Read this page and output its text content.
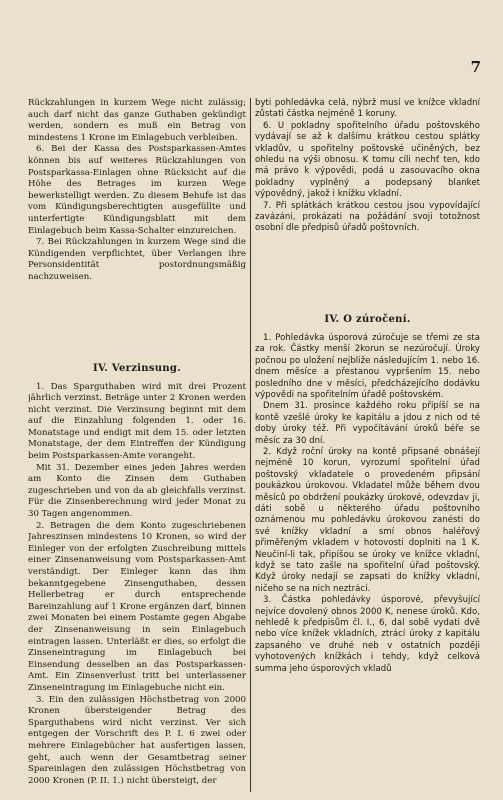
7

Rückzahlungen in kurzem Wege nicht zulässig; auch darf nicht das ganze Guthaben gekündigt werden, sondern es muß ein Betrag von mindestens 1 Krone im Einlagebuch verbleiben.

6. Bei der Kassa des Postsparkassen-Amtes können bis auf weiteres Rückzahlungen von Postsparkassa-Einlagen ohne Rücksicht auf die Höhe des Betrages im kurzen Wege bewerkstelligt werden. Zu diesem Behufe ist das vom Kündigungsberechtigten ausgefüllte und unterfertigte Kündigungsblatt mit dem Einlagebuch beim Kassa-Schalter einzureichen.

7. Bei Rückzahlungen in kurzem Wege sind die Kündigenden verpflichtet, über Verlangen ihre Personsidentität postordnungsmäßig nachzuweisen.

IV. Verzinsung.

1. Das Sparguthaben wird mit drei Prozent jährlich verzinst. Beträge unter 2 Kronen werden nicht verzinst. Die Verzinsung beginnt mit dem auf die Einzahlung folgenden 1. oder 16. Monatstage und endigt mit dem 15. oder letzten Monatstage, der dem Eintreffen der Kündigung beim Postsparkassen-Amte vorangeht.

Mit 31. Dezember eines jeden Jahres werden am Konto die Zinsen dem Guthaben zugeschrieben und von da ab gleichfalls verzinst. Für die Zinsenberechnung wird jeder Monat zu 30 Tagen angenommen.

2. Betragen die dem Konto zugeschriebenen Jahreszinsen mindestens 10 Kronen, so wird der Einleger von der erfolgten Zuschreibung mittels einer Zinsenanweisung vom Postsparkassen-Amt verständigt. Der Einleger kann das ihm bekanntgegebene Zinsenguthaben, dessen Hellerbetrag er durch entsprechende Bareinzahlung auf 1 Krone ergänzen darf, binnen zwei Monaten bei einem Postamte gegen Abgabe der Zinsenanweisung in sein Einlagebuch eintragen lassen. Unterläßt er dies, so erfolgt die Zinseneintragung im Einlagebuch bei Einsendung desselben an das Postsparkassen-Amt. Ein Zinsenverlust tritt bei unterlassener Zinseneintragung im Einlagebuche nicht ein.

3. Ein den zulässigen Höchstbetrag von 2000 Kronen übersteigender Betrag des Sparguthabens wird nicht verzinst. Ver sich entgegen der Vorschrift des P. I. 6 zwei oder mehrere Einlagebücher hat ausfertigen lassen, geht, auch wenn der Gesamtbetrag seiner Spareinlagen den zulässigen Höchstbetrag von 2000 Kronen (P. II. 1.) nicht übersteigt, der

byti pohledávka celá, nýbrž musí ve knížce vkladní zůstati částka nejméně 1 koruny.

6. U pokladny spořitelního úřadu poštovského vydávají se až k dalšímu krátkou cestou splátky vkladův, u spořitelny poštovské učiněných, bez ohledu na výši obnosu. K tomu cíli nechť ten, kdo má právo k výpovědi, podá u zasouvacího okna pokladny vyplněný a podepsaný blanket výpovědný, jakož i knížku vkladní.

7. Při splátkách krátkou cestou jsou vypovídající zavázáni, prokázati na požádání svoji totožnost osobní dle předpisů úřadů poštovních.

IV. O zúročení.

1. Pohledávka úsporová zúročuje se třemi ze sta za rok. Částky menší 2korun se nezúročují. Úroky počnou po uložení nejbliže následujícím 1. nebo 16. dnem měsíce a přestanou vypršením 15. nebo posledního dne v měsíci, předcházejícího dodávku výpovědi na spořitelním úřadě poštovském.

Dnem 31. prosince každého roku připíší se na kontě vzešlé úroky ke kapitálu a jdou z nich od té doby úroky též. Při vypočítávání úroků béře se měsíc za 30 dní.

2. Když roční úroky na kontě připsané obnášejí nejméně 10 korun, vyrozumí spořitelní úřad poštovský vkladatele o provedeném připsání poukázkou úrokovou. Vkladatel může během dvou měsíců po obdržení poukázky úrokové, odevzdav ji, dáti sobě u některého úřadu poštovního oznámenou mu pohledávku úrokovou zanésti do své knížky vkladní a smí obnos haléřový přiměřeným vkladem v hotovosti doplniti na 1 K. Neučiní-li tak, připíšou se úroky ve knížce vkladní, když se tato zašle na spořitelní úřad poštovský. Když úroky nedají se zapsati do knížky vkladní, ničeho se na nich neztrácí.

3. Částka pohledávky úsporové, převyšující nejvíce dovolený obnos 2000 K, nenese úroků. Kdo, nehledě k předpisům čl. I., 6, dal sobě vydati dvě nebo více knížek vkladních, ztrácí úroky z kapitálu zapsaného ve druhé neb v ostatních později vyhotovených knížkách i tehdy, když celková summa jeho úsporových vkladů
